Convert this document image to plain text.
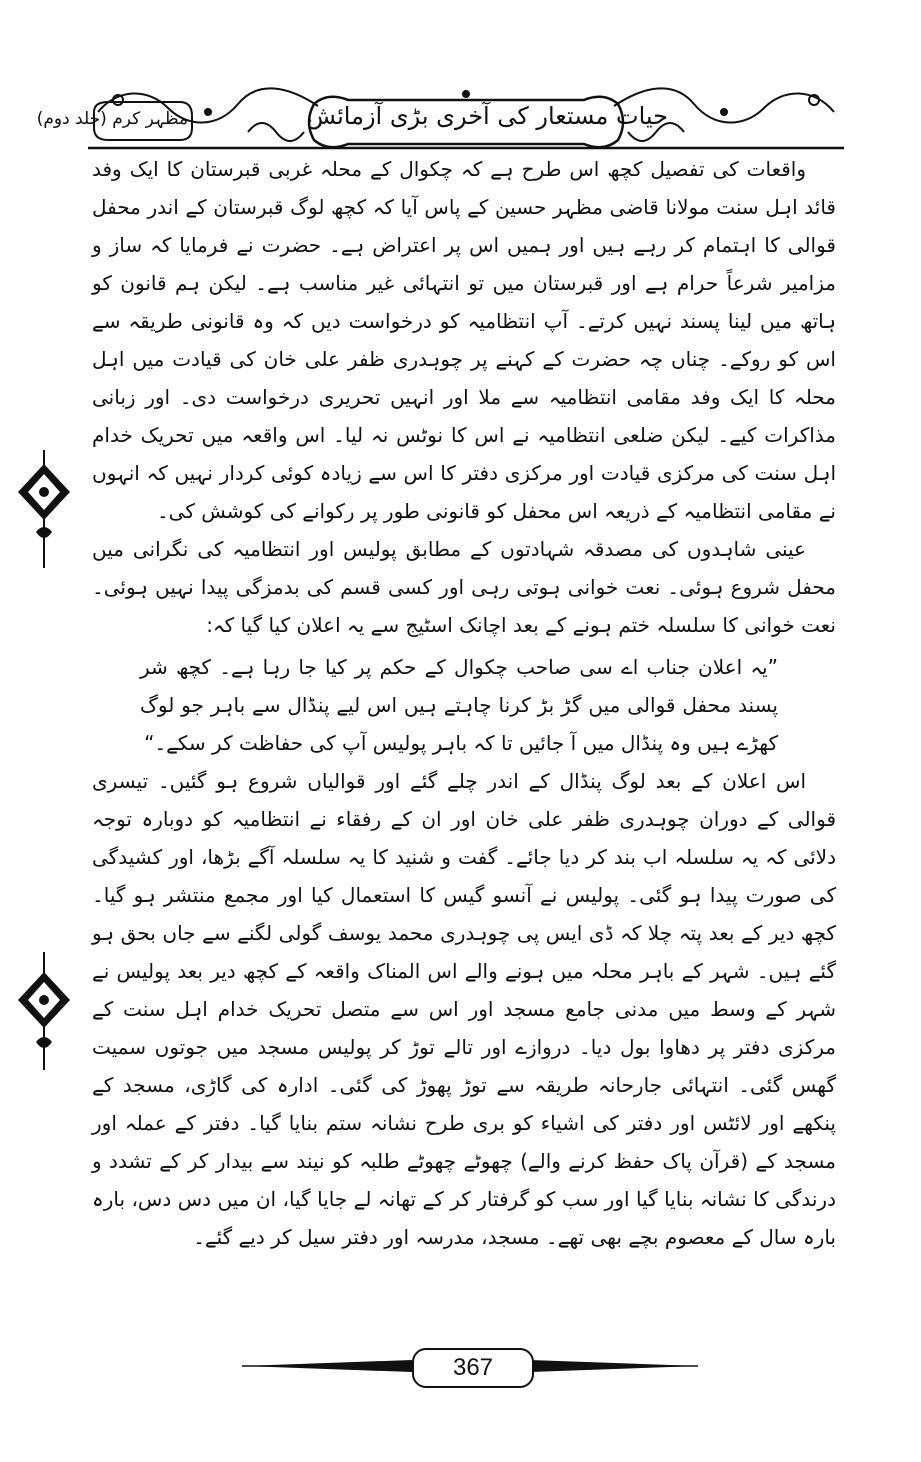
مظہر کرم (جلد دوم)	حیات مستعار کی آخری بڑی آزمائش

واقعات کی تفصیل کچھ اس طرح ہے کہ چکوال کے محلہ غربی قبرستان کا ایک وفد قائد اہل سنت مولانا قاضی مظہر حسین کے پاس آیا کہ کچھ لوگ قبرستان کے اندر محفل قوالی کا اہتمام کر رہے ہیں اور ہمیں اس پر اعتراض ہے۔ حضرت نے فرمایا کہ ساز و مزامیر شرعاً حرام ہے اور قبرستان میں تو انتہائی غیر مناسب ہے۔ لیکن ہم قانون کو ہاتھ میں لینا پسند نہیں کرتے۔ آپ انتظامیہ کو درخواست دیں کہ وہ قانونی طریقہ سے اس کو روکے۔ چناں چہ حضرت کے کہنے پر چوہدری ظفر علی خان کی قیادت میں اہل محلہ کا ایک وفد مقامی انتظامیہ سے ملا اور انہیں تحریری درخواست دی۔ اور زبانی مذاکرات کیے۔ لیکن ضلعی انتظامیہ نے اس کا نوٹس نہ لیا۔ اس واقعہ میں تحریک خدام اہل سنت کی مرکزی قیادت اور مرکزی دفتر کا اس سے زیادہ کوئی کردار نہیں کہ انہوں نے مقامی انتظامیہ کے ذریعہ اس محفل کو قانونی طور پر رکوانے کی کوشش کی۔

عینی شاہدوں کی مصدقہ شہادتوں کے مطابق پولیس اور انتظامیہ کی نگرانی میں محفل شروع ہوئی۔ نعت خوانی ہوتی رہی اور کسی قسم کی بدمزگی پیدا نہیں ہوئی۔ نعت خوانی کا سلسلہ ختم ہونے کے بعد اچانک اسٹیج سے یہ اعلان کیا گیا کہ:

”یہ اعلان جناب اے سی صاحب چکوال کے حکم پر کیا جا رہا ہے۔ کچھ شر پسند محفل قوالی میں گڑ بڑ کرنا چاہتے ہیں اس لیے پنڈال سے باہر جو لوگ کھڑے ہیں وہ پنڈال میں آ جائیں تا کہ باہر پولیس آپ کی حفاظت کر سکے۔“

اس اعلان کے بعد لوگ پنڈال کے اندر چلے گئے اور قوالیاں شروع ہو گئیں۔ تیسری قوالی کے دوران چوہدری ظفر علی خان اور ان کے رفقاء نے انتظامیہ کو دوبارہ توجہ دلائی کہ یہ سلسلہ اب بند کر دیا جائے۔ گفت و شنید کا یہ سلسلہ آگے بڑھا، اور کشیدگی کی صورت پیدا ہو گئی۔ پولیس نے آنسو گیس کا استعمال کیا اور مجمع منتشر ہو گیا۔ کچھ دیر کے بعد پتہ چلا کہ ڈی ایس پی چوہدری محمد یوسف گولی لگنے سے جاں بحق ہو گئے ہیں۔ شہر کے باہر محلہ میں ہونے والے اس المناک واقعہ کے کچھ دیر بعد پولیس نے شہر کے وسط میں مدنی جامع مسجد اور اس سے متصل تحریک خدام اہل سنت کے مرکزی دفتر پر دھاوا بول دیا۔ دروازے اور تالے توڑ کر پولیس مسجد میں جوتوں سمیت گھس گئی۔ انتہائی جارحانہ طریقہ سے توڑ پھوڑ کی گئی۔ ادارہ کی گاڑی، مسجد کے پنکھے اور لائٹس اور دفتر کی اشیاء کو بری طرح نشانہ ستم بنایا گیا۔ دفتر کے عملہ اور مسجد کے (قرآن پاک حفظ کرنے والے) چھوٹے چھوٹے طلبہ کو نیند سے بیدار کر کے تشدد و درندگی کا نشانہ بنایا گیا اور سب کو گرفتار کر کے تھانہ لے جایا گیا، ان میں دس دس، بارہ بارہ سال کے معصوم بچے بھی تھے۔ مسجد، مدرسہ اور دفتر سیل کر دیے گئے۔

367
